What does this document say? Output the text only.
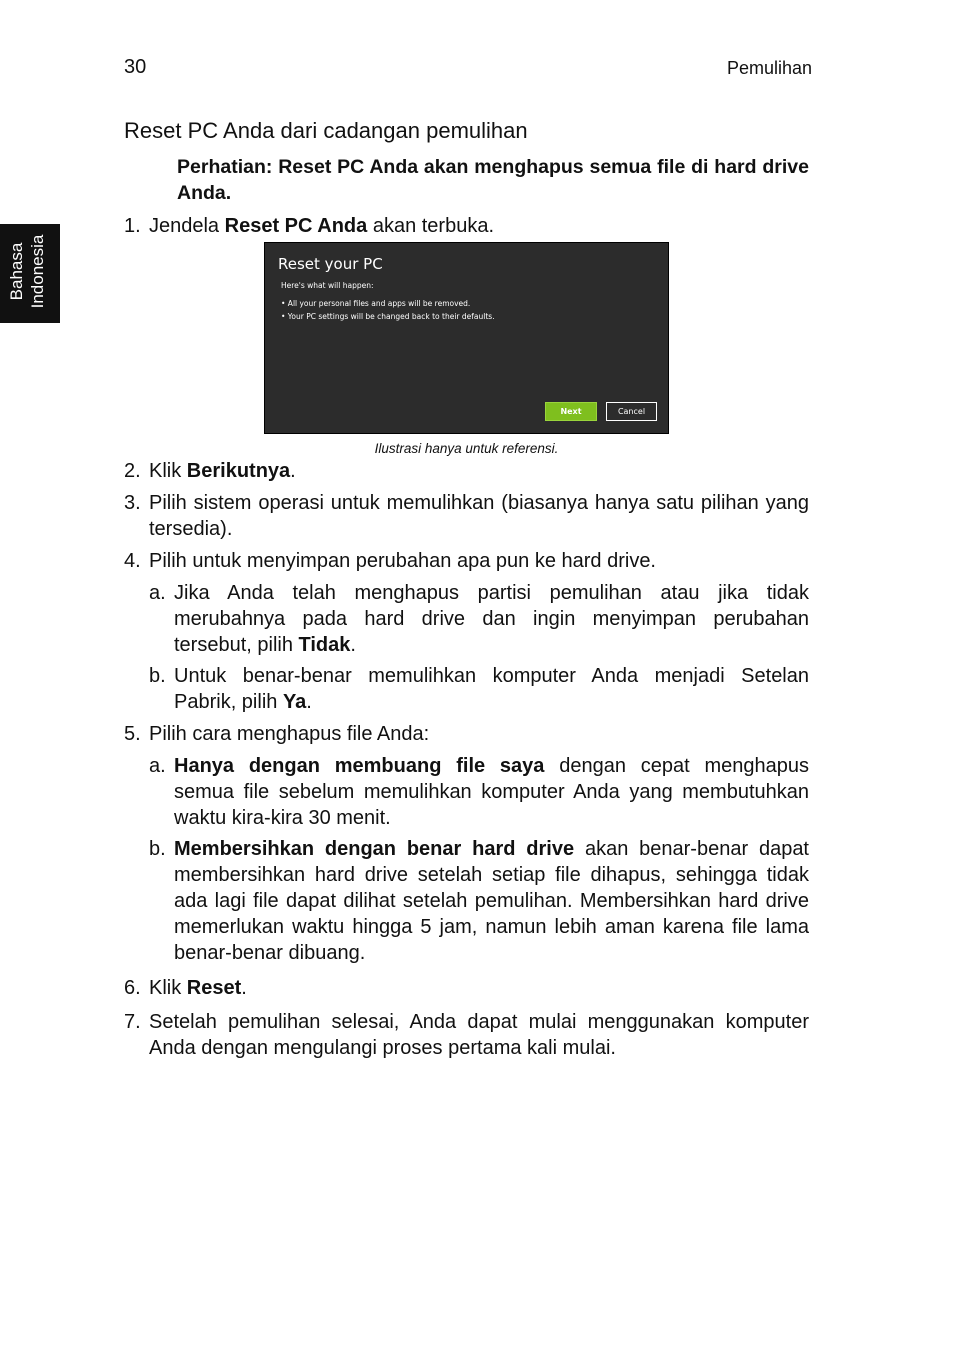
30	Pemulihan
Bahasa Indonesia
Reset PC Anda dari cadangan pemulihan
Perhatian: Reset PC Anda akan menghapus semua file di hard drive Anda.
1. Jendela Reset PC Anda akan terbuka.
Reset your PC
Here's what will happen:
• All your personal files and apps will be removed.
• Your PC settings will be changed back to their defaults.
Next	Cancel
Ilustrasi hanya untuk referensi.
2. Klik Berikutnya.
3. Pilih sistem operasi untuk memulihkan (biasanya hanya satu pilihan yang tersedia).
4. Pilih untuk menyimpan perubahan apa pun ke hard drive.
a. Jika Anda telah menghapus partisi pemulihan atau jika tidak merubahnya pada hard drive dan ingin menyimpan perubahan tersebut, pilih Tidak.
b. Untuk benar-benar memulihkan komputer Anda menjadi Setelan Pabrik, pilih Ya.
5. Pilih cara menghapus file Anda:
a. Hanya dengan membuang file saya dengan cepat menghapus semua file sebelum memulihkan komputer Anda yang membutuhkan waktu kira-kira 30 menit.
b. Membersihkan dengan benar hard drive akan benar-benar dapat membersihkan hard drive setelah setiap file dihapus, sehingga tidak ada lagi file dapat dilihat setelah pemulihan. Membersihkan hard drive memerlukan waktu hingga 5 jam, namun lebih aman karena file lama benar-benar dibuang.
6. Klik Reset.
7. Setelah pemulihan selesai, Anda dapat mulai menggunakan komputer Anda dengan mengulangi proses pertama kali mulai.
